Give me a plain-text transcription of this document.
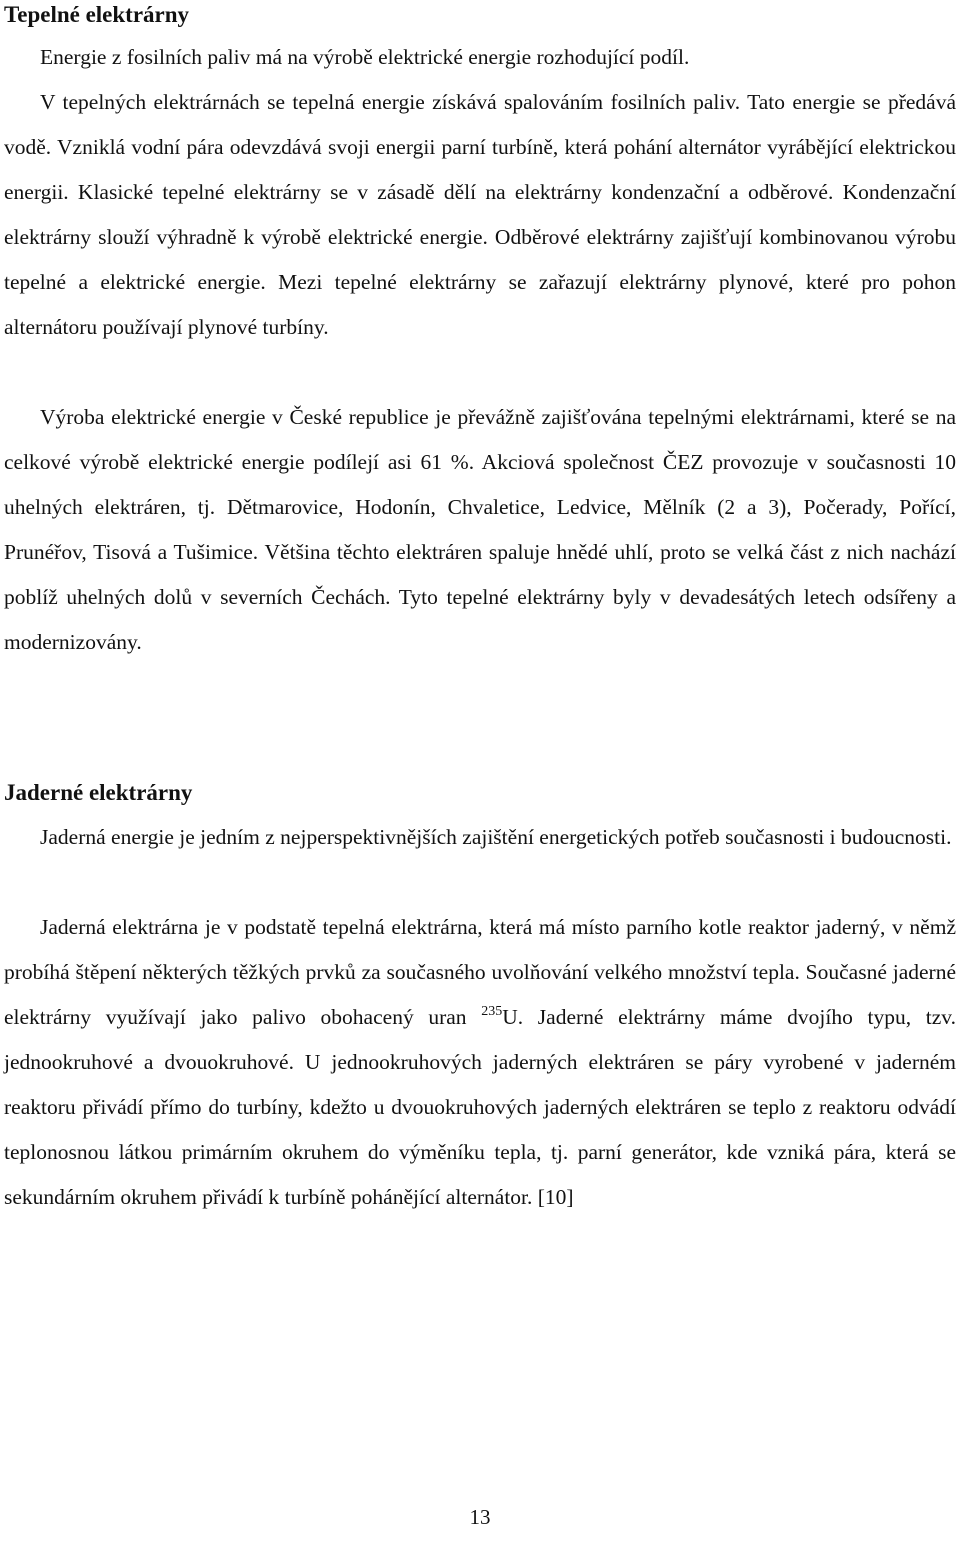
Tepelné elektrárny

Energie z fosilních paliv má na výrobě elektrické energie rozhodující podíl.

V tepelných elektrárnách se tepelná energie získává spalováním fosilních paliv. Tato energie se předává vodě. Vzniklá vodní pára odevzdává svoji energii parní turbíně, která pohání alternátor vyrábějící elektrickou energii. Klasické tepelné elektrárny se v zásadě dělí na elektrárny kondenzační a odběrové. Kondenzační elektrárny slouží výhradně k výrobě elektrické energie. Odběrové elektrárny zajišťují kombinovanou výrobu tepelné a elektrické energie. Mezi tepelné elektrárny se zařazují elektrárny plynové, které pro pohon alternátoru používají plynové turbíny.

Výroba elektrické energie v České republice je převážně zajišťována tepelnými elektrárnami, které se na celkové výrobě elektrické energie podílejí asi 61 %. Akciová společnost ČEZ provozuje v současnosti 10 uhelných elektráren, tj. Dětmarovice, Hodonín, Chvaletice, Ledvice, Mělník (2 a 3), Počerady, Pořící, Prunéřov, Tisová a Tušimice. Většina těchto elektráren spaluje hnědé uhlí, proto se velká část z nich nachází poblíž uhelných dolů v severních Čechách. Tyto tepelné elektrárny byly v devadesátých letech odsířeny a modernizovány.

Jaderné elektrárny

Jaderná energie je jedním z nejperspektivnějších zajištění energetických potřeb současnosti i budoucnosti.

Jaderná elektrárna je v podstatě tepelná elektrárna, která má místo parního kotle reaktor jaderný, v němž probíhá štěpení některých těžkých prvků za současného uvolňování velkého množství tepla. Současné jaderné elektrárny využívají jako palivo obohacený uran $^{235}$U. Jaderné elektrárny máme dvojího typu, tzv. jednookruhové a dvouokruhové. U jednookruhových jaderných elektráren se páry vyrobené v jaderném reaktoru přivádí přímo do turbíny, kdežto u dvouokruhových jaderných elektráren se teplo z reaktoru odvádí teplonosnou látkou primárním okruhem do výměníku tepla, tj. parní generátor, kde vzniká pára, která se sekundárním okruhem přivádí k turbíně pohánějící alternátor. [10]

13
